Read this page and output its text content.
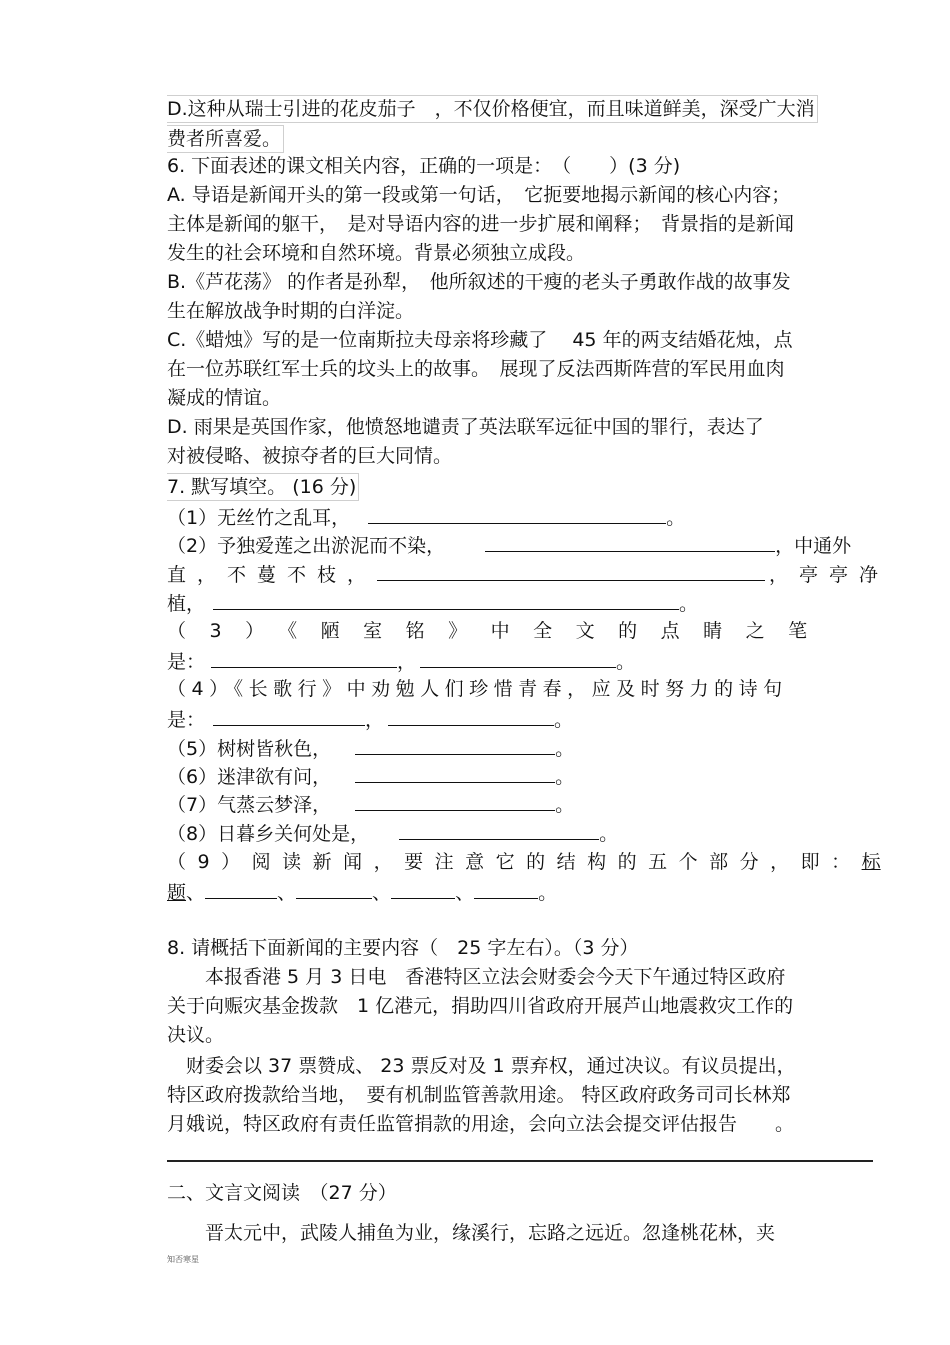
D.这种从瑞士引进的花皮茄子　，不仅价格便宜，而且味道鲜美，深受广大消
费者所喜爱。
6. 下面表述的课文相关内容，正确的一项是：　（　　）(3 分)
A. 导语是新闻开头的第一段或第一句话，　它扼要地揭示新闻的核心内容；
主体是新闻的躯干，　是对导语内容的进一步扩展和阐释；　背景指的是新闻
发生的社会环境和自然环境。背景必须独立成段。
B.《芦花荡》 的作者是孙犁，　他所叙述的干瘦的老头子勇敢作战的故事发
生在解放战争时期的白洋淀。
C.《蜡烛》写的是一位南斯拉夫母亲将珍藏了　 45 年的两支结婚花烛，点
在一位苏联红军士兵的坟头上的故事。　展现了反法西斯阵营的军民用血肉
凝成的情谊。
D. 雨果是英国作家，他愤怒地谴责了英法联军远征中国的罪行，表达了
对被侵略、被掠夺者的巨大同情。
7. 默写填空。 (16 分)
（1）无丝竹之乱耳，	。
（2）予独爱莲之出淤泥而不染，	，中通外
直，不蔓不枝，	，亭亭净
植，	。
（3）《陋室铭》中全文的点睛之笔
是：	，	。
（4）《长歌行》中劝勉人们珍惜青春，应及时努力的诗句
是：	，	。
（5）树树皆秋色，	。
（6）迷津欲有问，	。
（7）气蒸云梦泽，	。
（8）日暮乡关何处是，	。
（9）阅读新闻，要注意它的结构的五个部分，即：标
题、	、	、	、	。
8. 请概括下面新闻的主要内容（　25 字左右）。（3 分）
　　本报香港 5 月 3 日电　香港特区立法会财委会今天下午通过特区政府
关于向赈灾基金拨款　1 亿港元，捐助四川省政府开展芦山地震救灾工作的
决议。
　财委会以 37 票赞成、 23 票反对及 1 票弃权，通过决议。有议员提出，
特区政府拨款给当地，　要有机制监管善款用途。 特区政府政务司司长林郑
月娥说，特区政府有责任监管捐款的用途，会向立法会提交评估报告　　。
二、文言文阅读　（27 分）
　　晋太元中，武陵人捕鱼为业，缘溪行，忘路之远近。忽逢桃花林，夹
知否寒星
